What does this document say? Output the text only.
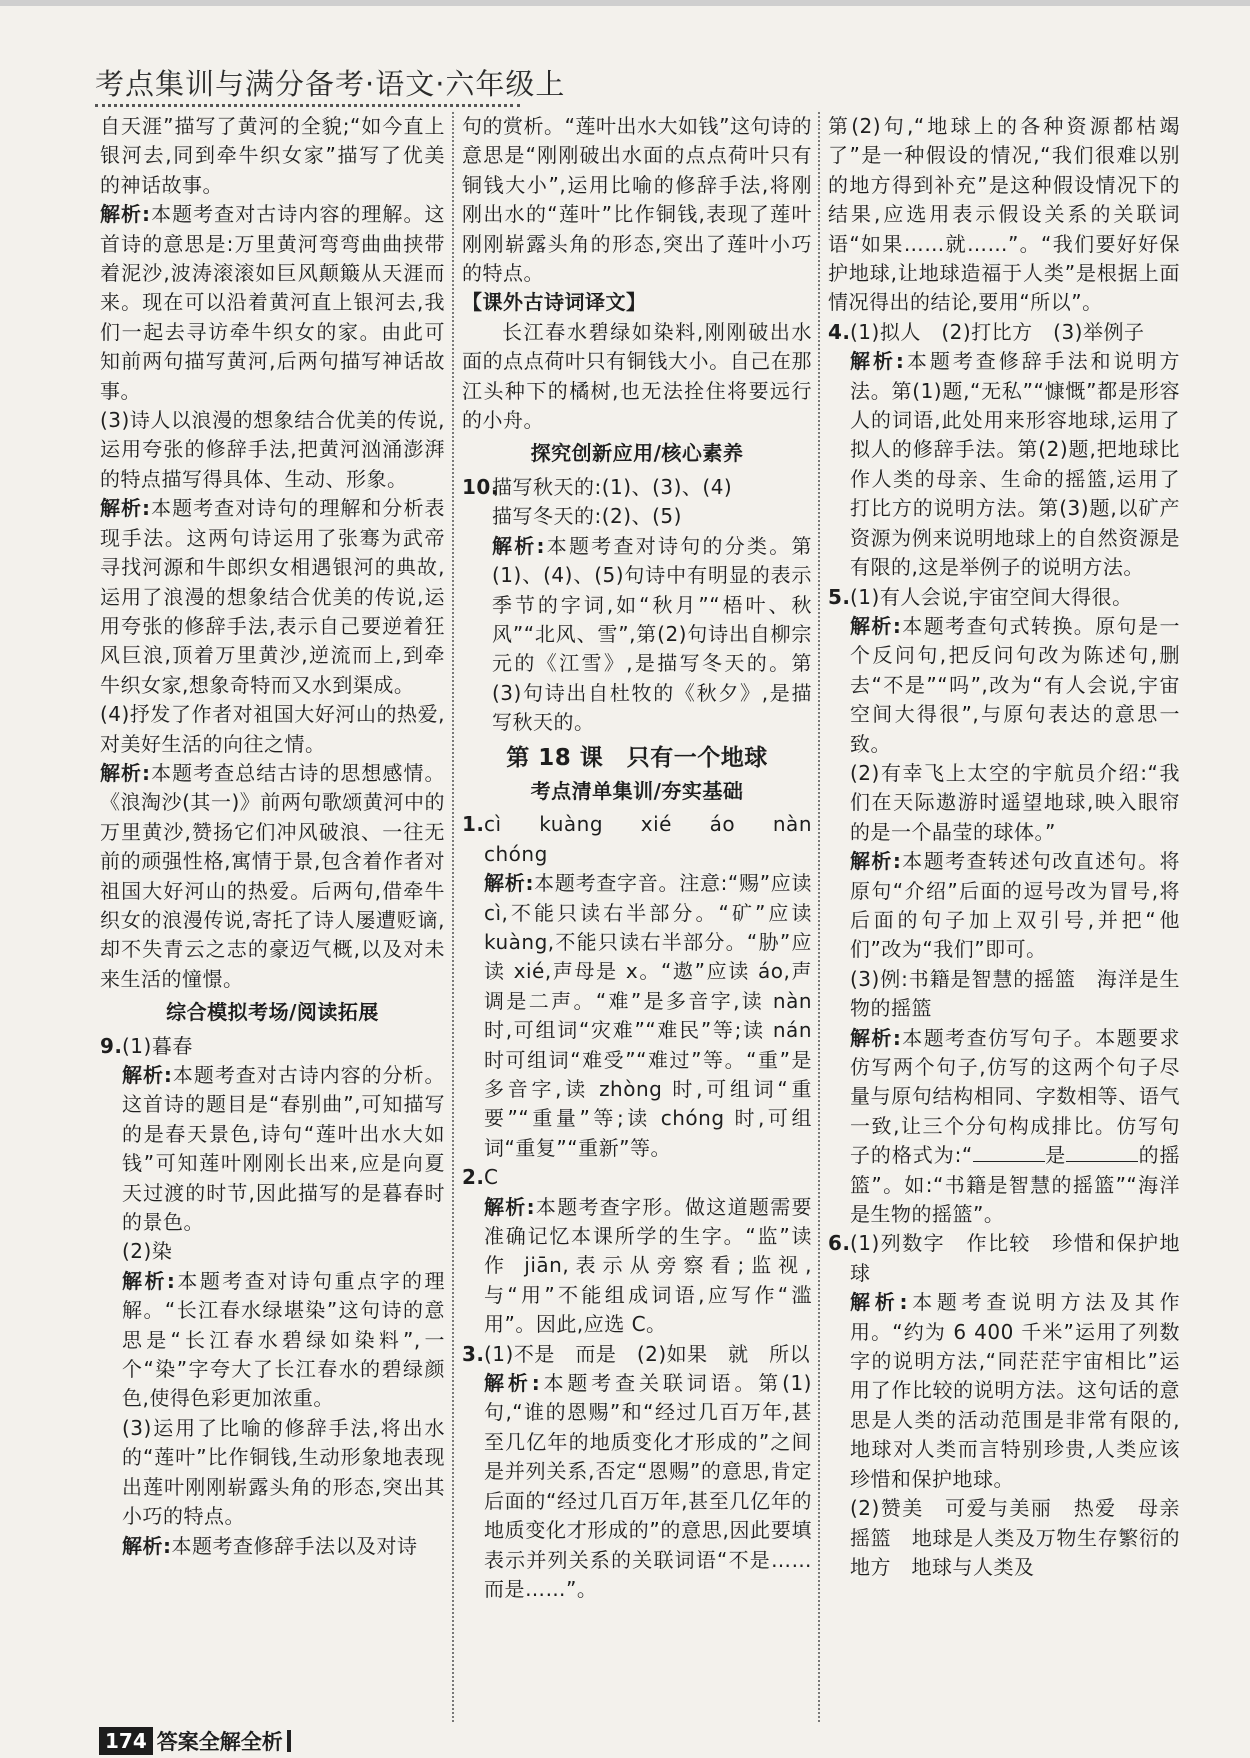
考点集训与满分备考·语文·六年级上

自天涯”描写了黄河的全貌;“如今直上银河去,同到牵牛织女家”描写了优美的神话故事。

解析:本题考查对古诗内容的理解。这首诗的意思是:万里黄河弯弯曲曲挟带着泥沙,波涛滚滚如巨风颠簸从天涯而来。现在可以沿着黄河直上银河去,我们一起去寻访牵牛织女的家。由此可知前两句描写黄河,后两句描写神话故事。

(3)诗人以浪漫的想象结合优美的传说,运用夸张的修辞手法,把黄河汹涌澎湃的特点描写得具体、生动、形象。

解析:本题考查对诗句的理解和分析表现手法。这两句诗运用了张骞为武帝寻找河源和牛郎织女相遇银河的典故,运用了浪漫的想象结合优美的传说,运用夸张的修辞手法,表示自己要逆着狂风巨浪,顶着万里黄沙,逆流而上,到牵牛织女家,想象奇特而又水到渠成。

(4)抒发了作者对祖国大好河山的热爱,对美好生活的向往之情。

解析:本题考查总结古诗的思想感情。《浪淘沙(其一)》前两句歌颂黄河中的万里黄沙,赞扬它们冲风破浪、一往无前的顽强性格,寓情于景,包含着作者对祖国大好河山的热爱。后两句,借牵牛织女的浪漫传说,寄托了诗人屡遭贬谪,却不失青云之志的豪迈气概,以及对未来生活的憧憬。

综合模拟考场/阅读拓展

9.(1)暮春

解析:本题考查对古诗内容的分析。这首诗的题目是“春别曲”,可知描写的是春天景色,诗句“莲叶出水大如钱”可知莲叶刚刚长出来,应是向夏天过渡的时节,因此描写的是暮春时的景色。

(2)染

解析:本题考查对诗句重点字的理解。“长江春水绿堪染”这句诗的意思是“长江春水碧绿如染料”,一个“染”字夸大了长江春水的碧绿颜色,使得色彩更加浓重。

(3)运用了比喻的修辞手法,将出水的“莲叶”比作铜钱,生动形象地表现出莲叶刚刚崭露头角的形态,突出其小巧的特点。

解析:本题考查修辞手法以及对诗

句的赏析。“莲叶出水大如钱”这句诗的意思是“刚刚破出水面的点点荷叶只有铜钱大小”,运用比喻的修辞手法,将刚刚出水的“莲叶”比作铜钱,表现了莲叶刚刚崭露头角的形态,突出了莲叶小巧的特点。

【课外古诗词译文】

长江春水碧绿如染料,刚刚破出水面的点点荷叶只有铜钱大小。自己在那江头种下的橘树,也无法拴住将要远行的小舟。

探究创新应用/核心素养

10.描写秋天的:(1)、(3)、(4)

描写冬天的:(2)、(5)

解析:本题考查对诗句的分类。第(1)、(4)、(5)句诗中有明显的表示季节的字词,如“秋月”“梧叶、秋风”“北风、雪”,第(2)句诗出自柳宗元的《江雪》,是描写冬天的。第(3)句诗出自杜牧的《秋夕》,是描写秋天的。

第 18 课　只有一个地球

考点清单集训/夯实基础

1.cì　kuàng　xié　áo　nàn　chóng

解析:本题考查字音。注意:“赐”应读 cì,不能只读右半部分。“矿”应读 kuàng,不能只读右半部分。“胁”应读 xié,声母是 x。“遨”应读 áo,声调是二声。“难”是多音字,读 nàn 时,可组词“灾难”“难民”等;读 nán 时可组词“难受”“难过”等。“重”是多音字,读 zhòng 时,可组词“重要”“重量”等;读 chóng 时,可组词“重复”“重新”等。

2.C

解析:本题考查字形。做这道题需要准确记忆本课所学的生字。“监”读作 jiān,表示从旁察看;监视,与“用”不能组成词语,应写作“滥用”。因此,应选 C。

3.(1)不是　而是　(2)如果　就　所以

解析:本题考查关联词语。第(1)句,“谁的恩赐”和“经过几百万年,甚至几亿年的地质变化才形成的”之间是并列关系,否定“恩赐”的意思,肯定后面的“经过几百万年,甚至几亿年的地质变化才形成的”的意思,因此要填表示并列关系的关联词语“不是……而是……”。

第(2)句,“地球上的各种资源都枯竭了”是一种假设的情况,“我们很难以别的地方得到补充”是这种假设情况下的结果,应选用表示假设关系的关联词语“如果……就……”。“我们要好好保护地球,让地球造福于人类”是根据上面情况得出的结论,要用“所以”。

4.(1)拟人　(2)打比方　(3)举例子

解析:本题考查修辞手法和说明方法。第(1)题,“无私”“慷慨”都是形容人的词语,此处用来形容地球,运用了拟人的修辞手法。第(2)题,把地球比作人类的母亲、生命的摇篮,运用了打比方的说明方法。第(3)题,以矿产资源为例来说明地球上的自然资源是有限的,这是举例子的说明方法。

5.(1)有人会说,宇宙空间大得很。

解析:本题考查句式转换。原句是一个反问句,把反问句改为陈述句,删去“不是”“吗”,改为“有人会说,宇宙空间大得很”,与原句表达的意思一致。

(2)有幸飞上太空的宇航员介绍:“我们在天际遨游时遥望地球,映入眼帘的是一个晶莹的球体。”

解析:本题考查转述句改直述句。将原句“介绍”后面的逗号改为冒号,将后面的句子加上双引号,并把“他们”改为“我们”即可。

(3)例:书籍是智慧的摇篮　海洋是生物的摇篮

解析:本题考查仿写句子。本题要求仿写两个句子,仿写的这两个句子尽量与原句结构相同、字数相等、语气一致,让三个分句构成排比。仿写句子的格式为:“	是	的摇篮”。如:“书籍是智慧的摇篮”“海洋是生物的摇篮”。

6.(1)列数字　作比较　珍惜和保护地球

解析:本题考查说明方法及其作用。“约为 6 400 千米”运用了列数字的说明方法,“同茫茫宇宙相比”运用了作比较的说明方法。这句话的意思是人类的活动范围是非常有限的,地球对人类而言特别珍贵,人类应该珍惜和保护地球。

(2)赞美　可爱与美丽　热爱　母亲　摇篮　地球是人类及万物生存繁衍的地方　地球与人类及

174 答案全解全析
